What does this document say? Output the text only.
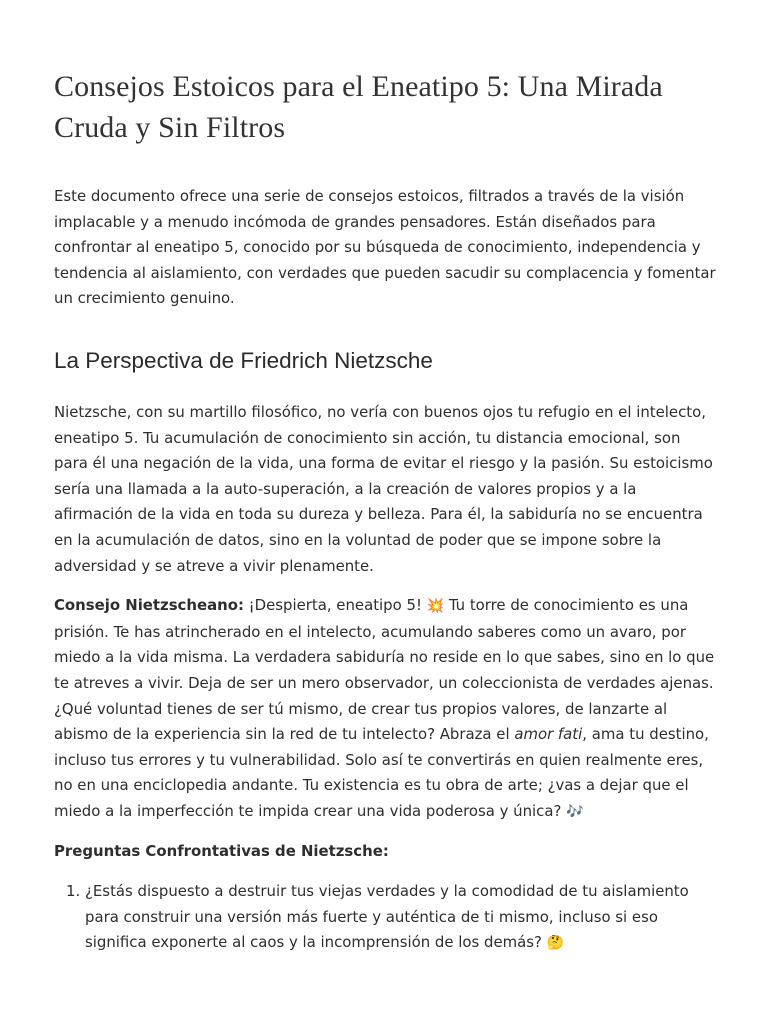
Consejos Estoicos para el Eneatipo 5: Una Mirada Cruda y Sin Filtros

Este documento ofrece una serie de consejos estoicos, filtrados a través de la visión implacable y a menudo incómoda de grandes pensadores. Están diseñados para confrontar al eneatipo 5, conocido por su búsqueda de conocimiento, independencia y tendencia al aislamiento, con verdades que pueden sacudir su complacencia y fomentar un crecimiento genuino.

La Perspectiva de Friedrich Nietzsche

Nietzsche, con su martillo filosófico, no vería con buenos ojos tu refugio en el intelecto, eneatipo 5. Tu acumulación de conocimiento sin acción, tu distancia emocional, son para él una negación de la vida, una forma de evitar el riesgo y la pasión. Su estoicismo sería una llamada a la auto-superación, a la creación de valores propios y a la afirmación de la vida en toda su dureza y belleza. Para él, la sabiduría no se encuentra en la acumulación de datos, sino en la voluntad de poder que se impone sobre la adversidad y se atreve a vivir plenamente.

Consejo Nietzscheano: ¡Despierta, eneatipo 5! 💥 Tu torre de conocimiento es una prisión. Te has atrincherado en el intelecto, acumulando saberes como un avaro, por miedo a la vida misma. La verdadera sabiduría no reside en lo que sabes, sino en lo que te atreves a vivir. Deja de ser un mero observador, un coleccionista de verdades ajenas. ¿Qué voluntad tienes de ser tú mismo, de crear tus propios valores, de lanzarte al abismo de la experiencia sin la red de tu intelecto? Abraza el amor fati, ama tu destino, incluso tus errores y tu vulnerabilidad. Solo así te convertirás en quien realmente eres, no en una enciclopedia andante. Tu existencia es tu obra de arte; ¿vas a dejar que el miedo a la imperfección te impida crear una vida poderosa y única? 🎶

Preguntas Confrontativas de Nietzsche:

1. ¿Estás dispuesto a destruir tus viejas verdades y la comodidad de tu aislamiento para construir una versión más fuerte y auténtica de ti mismo, incluso si eso significa exponerte al caos y la incomprensión de los demás? 🤔
